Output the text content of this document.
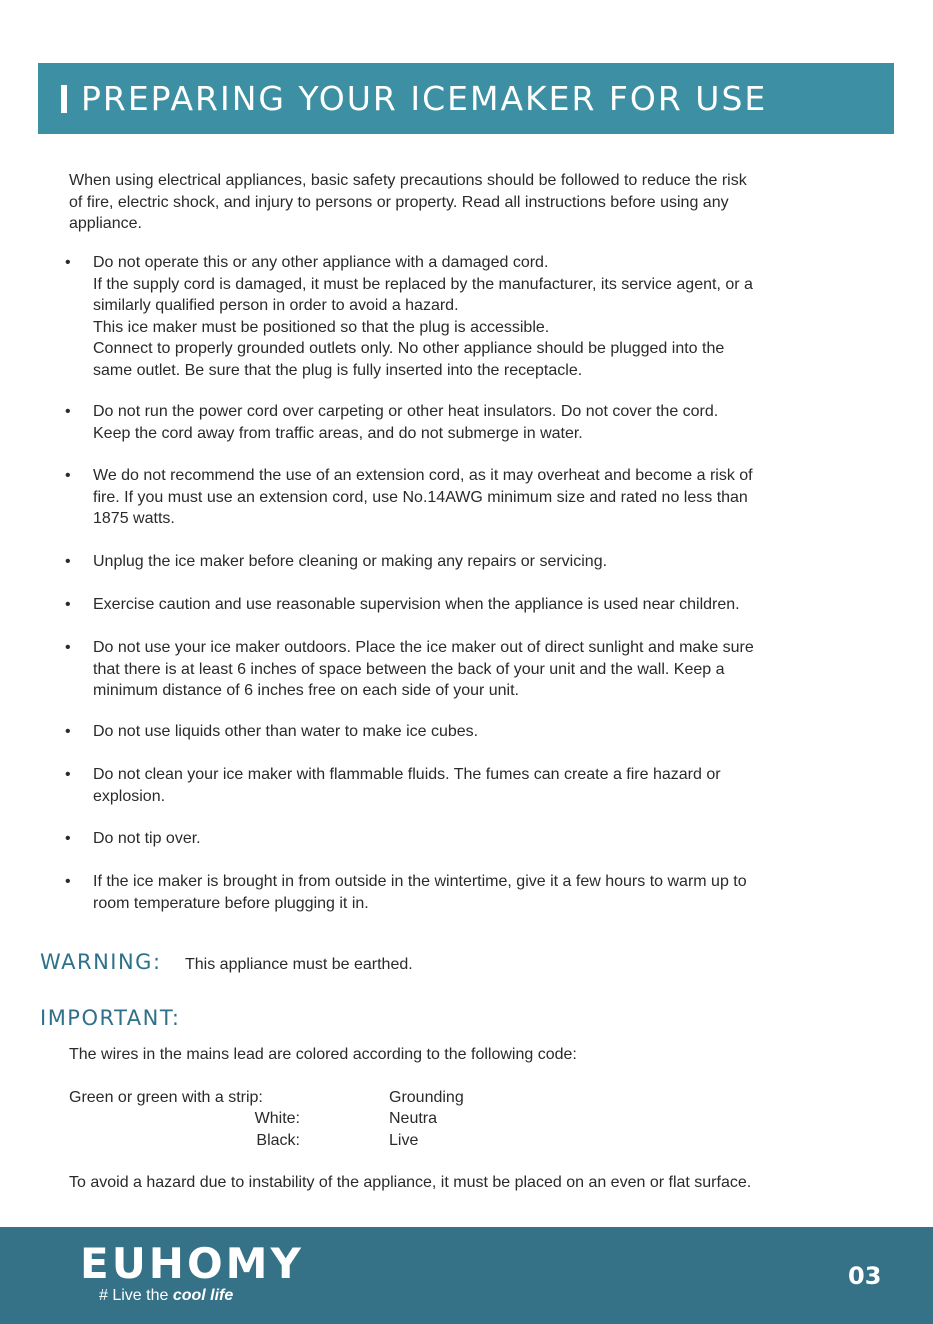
PREPARING YOUR ICEMAKER FOR USE
When using electrical appliances, basic safety precautions should be followed to reduce the risk
of fire, electric shock, and injury to persons or property. Read all instructions before using any
appliance.
• Do not operate this or any other appliance with a damaged cord.
If the supply cord is damaged, it must be replaced by the manufacturer, its service agent, or a
similarly qualified person in order to avoid a hazard.
This ice maker must be positioned so that the plug is accessible.
Connect to properly grounded outlets only. No other appliance should be plugged into the
same outlet. Be sure that the plug is fully inserted into the receptacle.
• Do not run the power cord over carpeting or other heat insulators. Do not cover the cord.
Keep the cord away from traffic areas, and do not submerge in water.
• We do not recommend the use of an extension cord, as it may overheat and become a risk of
fire. If you must use an extension cord, use No.14AWG minimum size and rated no less than
1875 watts.
• Unplug the ice maker before cleaning or making any repairs or servicing.
• Exercise caution and use reasonable supervision when the appliance is used near children.
• Do not use your ice maker outdoors. Place the ice maker out of direct sunlight and make sure
that there is at least 6 inches of space between the back of your unit and the wall. Keep a
minimum distance of 6 inches free on each side of your unit.
• Do not use liquids other than water to make ice cubes.
• Do not clean your ice maker with flammable fluids. The fumes can create a fire hazard or
explosion.
• Do not tip over.
• If the ice maker is brought in from outside in the wintertime, give it a few hours to warm up to
room temperature before plugging it in.
WARNING: This appliance must be earthed.
IMPORTANT:
The wires in the mains lead are colored according to the following code:
Green or green with a strip:	Grounding
White:	Neutra
Black:	Live
To avoid a hazard due to instability of the appliance, it must be placed on an even or flat surface.
EUHOMY
# Live the cool life
03
